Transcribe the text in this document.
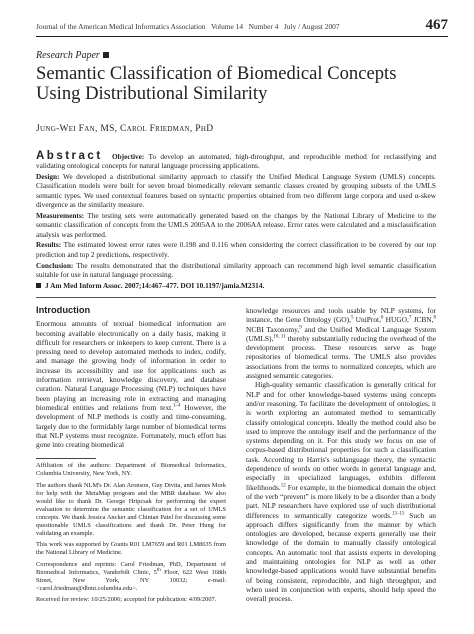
Journal of the American Medical Informatics Association Volume 14 Number 4 July / August 2007	467
Research Paper
Semantic Classification of Biomedical Concepts Using Distributional Similarity
Jung-Wei Fan, MS, Carol Friedman, PhD

Abstract Objective: To develop an automated, high-throughput, and reproducible method for reclassifying and validating ontological concepts for natural language processing applications.

Design: We developed a distributional similarity approach to classify the Unified Medical Language System (UMLS) concepts. Classification models were built for seven broad biomedically relevant semantic classes created by grouping subsets of the UMLS semantic types. We used contextual features based on syntactic properties obtained from two different large corpora and used α-skew divergence as the similarity measure.

Measurements: The testing sets were automatically generated based on the changes by the National Library of Medicine to the semantic classification of concepts from the UMLS 2005AA to the 2006AA release. Error rates were calculated and a misclassification analysis was performed.

Results: The estimated lowest error rates were 0.198 and 0.116 when considering the correct classification to be covered by our top prediction and top 2 predictions, respectively.

Conclusion: The results demonstrated that the distributional similarity approach can recommend high level semantic classification suitable for use in natural language processing.

J Am Med Inform Assoc. 2007;14:467–477. DOI 10.1197/jamia.M2314.

Introduction

Enormous amounts of textual biomedical information are becoming available electronically on a daily basis, making it difficult for researchers or inkeepers to keep current. There is a pressing need to develop automated methods to index, codify, and manage the growing body of information in order to increase its accessibility and use for applications such as information retrieval, knowledge discovery, and database curation. Natural Language Processing (NLP) techniques have been playing an increasing role in extracting and managing biomedical entities and relations from text.$^{1-4}$ However, the development of NLP methods is costly and time-consuming, largely due to the formidably large number of biomedical terms that NLP systems must recognize. Fortunately, much effort has gone into creating biomedical

Affiliation of the authors: Department of Biomedical Informatics, Columbia University, New York, NY.

The authors thank NLM's Dr. Alan Aronson, Guy Divita, and James Mork for help with the MetaMap program and the MBR database. We also would like to thank Dr. George Hripcsak for performing the expert evaluation to determine the semantic classification for a set of UMLS concepts. We thank Jessica Ancker and Chintan Patel for discussing some questionable UMLS classifications and thank Dr. Peter Hung for validating an example.

This work was supported by Grants R01 LM7659 and R01 LM8635 from the National Library of Medicine.

Correspondence and reprints: Carol Friedman, PhD, Department of Biomedical Informatics, Vanderbilt Clinic, 5th Floor, 622 West 168th Street, New York, NY 10032; e-mail: <carol.friedman@dbmi.columbia.edu>.

Received for review: 10/25/2006; accepted for publication: 4/09/2007.

knowledge resources and tools usable by NLP systems, for instance, the Gene Ontology (GO),$^5$ UniProt,$^6$ HUGO,$^7$ JCBN,$^8$ NCBI Taxonomy,$^9$ and the Unified Medical Language System (UMLS),$^{10, 11}$ thereby substantially reducing the overhead of the development process. These resources serve as huge repositories of biomedical terms. The UMLS also provides associations from the terms to normalized concepts, which are assigned semantic categories.

High-quality semantic classification is generally critical for NLP and for other knowledge-based systems using concepts and/or reasoning. To facilitate the development of ontologies, it is worth exploring an automated method to semantically classify ontological concepts. Ideally the method could also be used to improve the ontology itself and the performance of the systems depending on it. For this study we focus on use of corpus-based distributional properties for such a classification task. According to Harris's sublanguage theory, the syntactic dependence of words on other words in general language and, especially in specialized languages, exhibits different likelihoods.$^{12}$ For example, in the biomedical domain the object of the verb “prevent” is more likely to be a disorder than a body part. NLP researchers have explored use of such distributional differences to semantically categorize words.$^{13-15}$ Such an approach differs significantly from the manner by which ontologies are developed, because experts generally use their knowledge of the domain to manually classify ontological concepts. An automatic tool that assists experts in developing and maintaining ontologies for NLP as well as other knowledge-based applications would have substantial benefits of being consistent, reproducible, and high throughput, and when used in conjunction with experts, should help speed the overall process.
